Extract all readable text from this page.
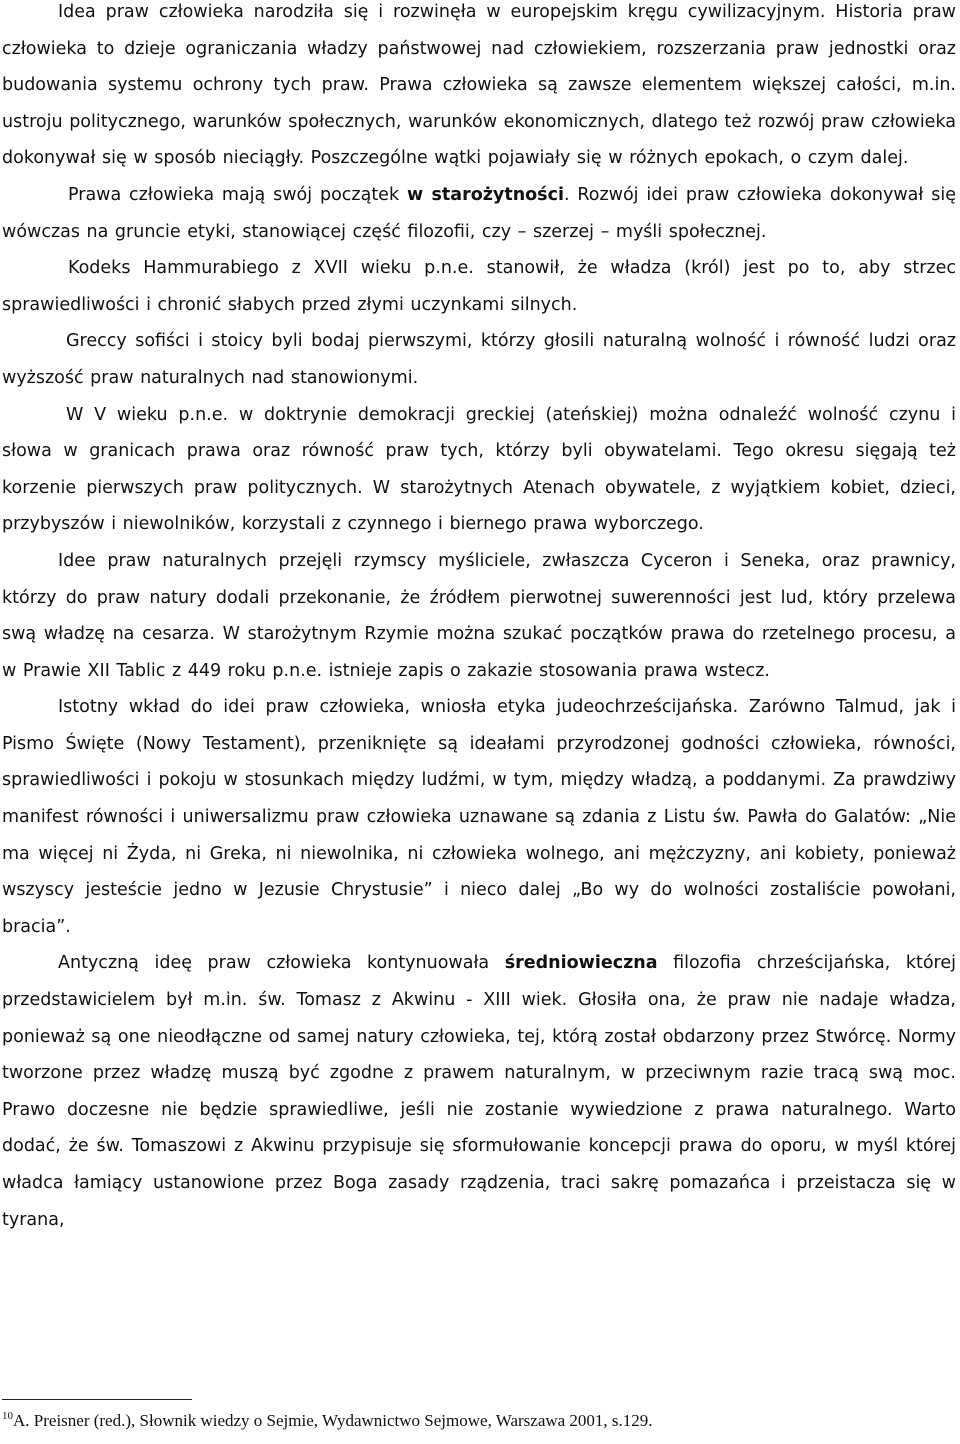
Idea praw człowieka narodziła się i rozwinęła w europejskim kręgu cywilizacyjnym. Historia praw człowieka to dzieje ograniczania władzy państwowej nad człowiekiem, rozszerzania praw jednostki oraz budowania systemu ochrony tych praw. Prawa człowieka są zawsze elementem większej całości, m.in. ustroju politycznego, warunków społecznych, warunków ekonomicznych, dlatego też rozwój praw człowieka dokonywał się w sposób nieciągły. Poszczególne wątki pojawiały się w różnych epokach, o czym dalej.

Prawa człowieka mają swój początek w starożytności. Rozwój idei praw człowieka dokonywał się wówczas na gruncie etyki, stanowiącej część filozofii, czy – szerzej – myśli społecznej.

Kodeks Hammurabiego z XVII wieku p.n.e. stanowił, że władza (król) jest po to, aby strzec sprawiedliwości i chronić słabych przed złymi uczynkami silnych.

Greccy sofiści i stoicy byli bodaj pierwszymi, którzy głosili naturalną wolność i równość ludzi oraz wyższość praw naturalnych nad stanowionymi.

W V wieku p.n.e. w doktrynie demokracji greckiej (ateńskiej) można odnaleźć wolność czynu i słowa w granicach prawa oraz równość praw tych, którzy byli obywatelami. Tego okresu sięgają też korzenie pierwszych praw politycznych. W starożytnych Atenach obywatele, z wyjątkiem kobiet, dzieci, przybyszów i niewolników, korzystali z czynnego i biernego prawa wyborczego.

Idee praw naturalnych przejęli rzymscy myśliciele, zwłaszcza Cyceron i Seneka, oraz prawnicy, którzy do praw natury dodali przekonanie, że źródłem pierwotnej suwerenności jest lud, który przelewa swą władzę na cesarza. W starożytnym Rzymie można szukać początków prawa do rzetelnego procesu, a w Prawie XII Tablic z 449 roku p.n.e. istnieje zapis o zakazie stosowania prawa wstecz.

Istotny wkład do idei praw człowieka, wniosła etyka judeochrześcijańska. Zarówno Talmud, jak i Pismo Święte (Nowy Testament), przeniknięte są ideałami przyrodzonej godności człowieka, równości, sprawiedliwości i pokoju w stosunkach między ludźmi, w tym, między władzą, a poddanymi. Za prawdziwy manifest równości i uniwersalizmu praw człowieka uznawane są zdania z Listu św. Pawła do Galatów: „Nie ma więcej ni Żyda, ni Greka, ni niewolnika, ni człowieka wolnego, ani mężczyzny, ani kobiety, ponieważ wszyscy jesteście jedno w Jezusie Chrystusie” i nieco dalej „Bo wy do wolności zostaliście powołani, bracia”.

Antyczną ideę praw człowieka kontynuowała średniowieczna filozofia chrześcijańska, której przedstawicielem był m.in. św. Tomasz z Akwinu - XIII wiek. Głosiła ona, że praw nie nadaje władza, ponieważ są one nieodłączne od samej natury człowieka, tej, którą został obdarzony przez Stwórcę. Normy tworzone przez władzę muszą być zgodne z prawem naturalnym, w przeciwnym razie tracą swą moc. Prawo doczesne nie będzie sprawiedliwe, jeśli nie zostanie wywiedzione z prawa naturalnego. Warto dodać, że św. Tomaszowi z Akwinu przypisuje się sformułowanie koncepcji prawa do oporu, w myśl której władca łamiący ustanowione przez Boga zasady rządzenia, traci sakrę pomazańca i przeistacza się w tyrana,

$^{10}$A. Preisner (red.), Słownik wiedzy o Sejmie, Wydawnictwo Sejmowe, Warszawa 2001, s.129.
